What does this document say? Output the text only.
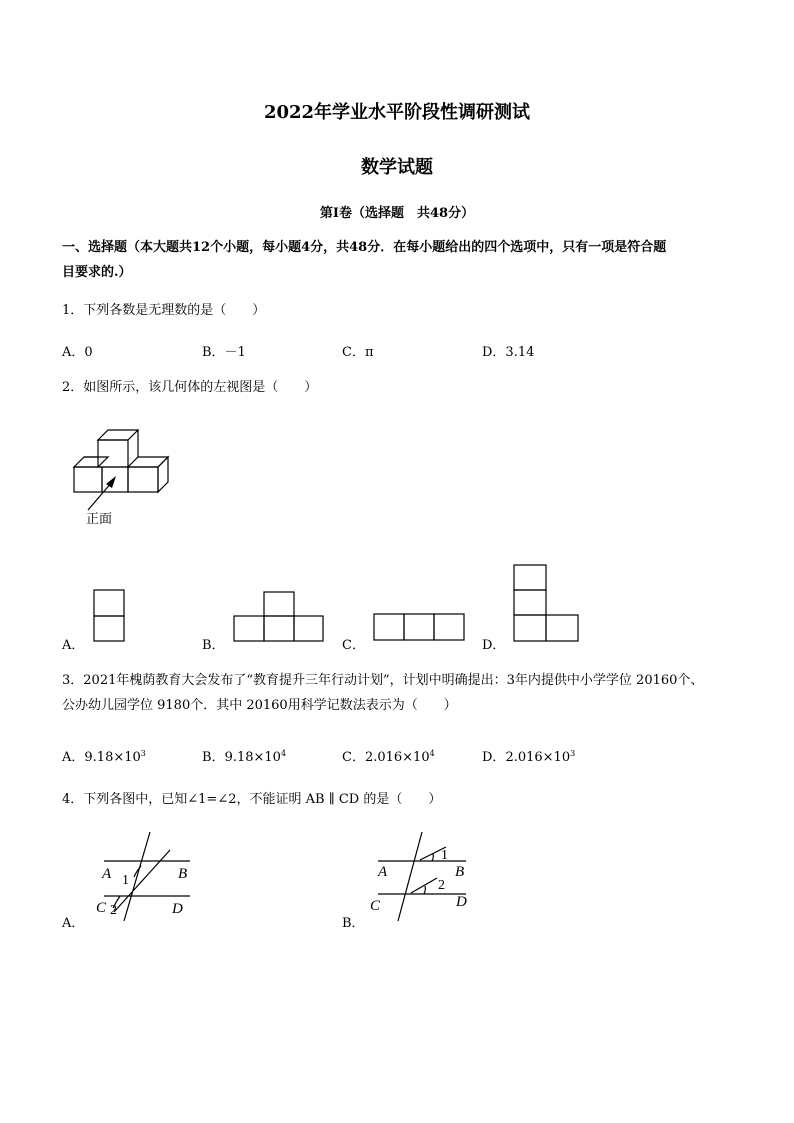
2022年学业水平阶段性调研测试
数学试题
第Ⅰ卷（选择题　共48分）
一、选择题（本大题共12个小题，每小题4分，共48分．在每小题给出的四个选项中，只有一项是符合题
目要求的.）
1．下列各数是无理数的是（　　）
A．0	B．－1	C．π	D．3.14
2．如图所示，该几何体的左视图是（　　）
正面
A．	B．	C．	D．
3．2021年槐荫教育大会发布了“教育提升三年行动计划”，计划中明确提出：3年内提供中小学学位 20160个、
公办幼儿园学位 9180个．其中 20160用科学记数法表示为（　　）
A．$9.18\times 10^3$	B．$9.18\times 10^4$	C．$2.016\times 10^4$	D．$2.016\times 10^3$
4．下列各图中，已知∠1=∠2，不能证明 AB ∥ CD 的是（　　）
A	B
C	D
1
2
A．
A	B
C	D
1
2
B．
